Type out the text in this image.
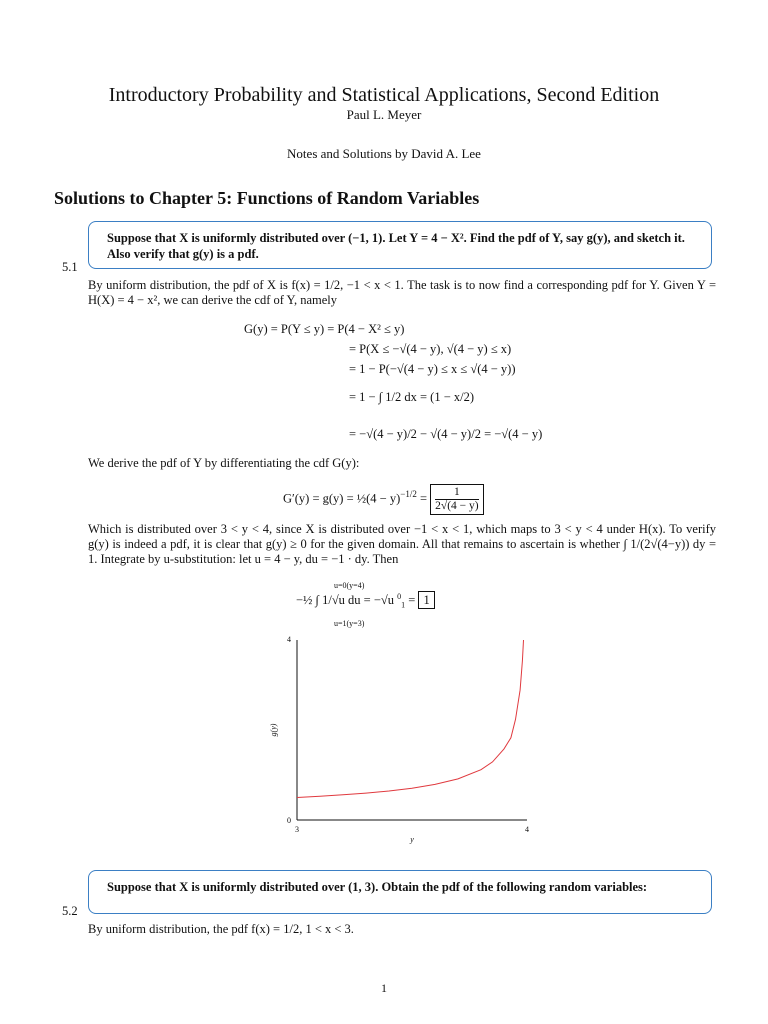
Introductory Probability and Statistical Applications, Second Edition
Paul L. Meyer
Notes and Solutions by David A. Lee
Solutions to Chapter 5: Functions of Random Variables
Suppose that X is uniformly distributed over (−1, 1). Let Y = 4 − X². Find the pdf of Y, say g(y), and sketch it. Also verify that g(y) is a pdf.
5.1
By uniform distribution, the pdf of X is f(x) = 1/2, −1 < x < 1. The task is to now find a corresponding pdf for Y. Given Y = H(X) = 4 − x², we can derive the cdf of Y, namely
G(y) = P(Y ≤ y) = P(4 − X² ≤ y)
= P(X ≤ −√(4 − y), √(4 − y) ≤ x)
= 1 − P(−√(4 − y) ≤ x ≤ √(4 − y))
= 1 − ∫ 1/2 dx = (1 − x/2)
= −√(4 − y)/2 − √(4 − y)/2 = −√(4 − y)
We derive the pdf of Y by differentiating the cdf G(y):
G′(y) = g(y) = ½(4 − $y)^{-1/2} = \frac{1}{2√(4 - y)}$
Which is distributed over 3 < y < 4, since X is distributed over −1 < x < 1, which maps to 3 < y < 4 under H(x). To verify g(y) is indeed a pdf, it is clear that g(y) ≥ 0 for the given domain. All that remains to ascertain is whether ∫ 1/(2√(4−y)) dy = 1. Integrate by u-substitution: let u = 4 − y, du = −1 · dy. Then
−½ ∫ 1/√u du = −√u $^0_1$ = 1
u=0(y=4)
u=1(y=3)
4
0
3	4
y
g(y)
Suppose that X is uniformly distributed over (1, 3). Obtain the pdf of the following random variables:
5.2
By uniform distribution, the pdf f(x) = 1/2, 1 < x < 3.
1
